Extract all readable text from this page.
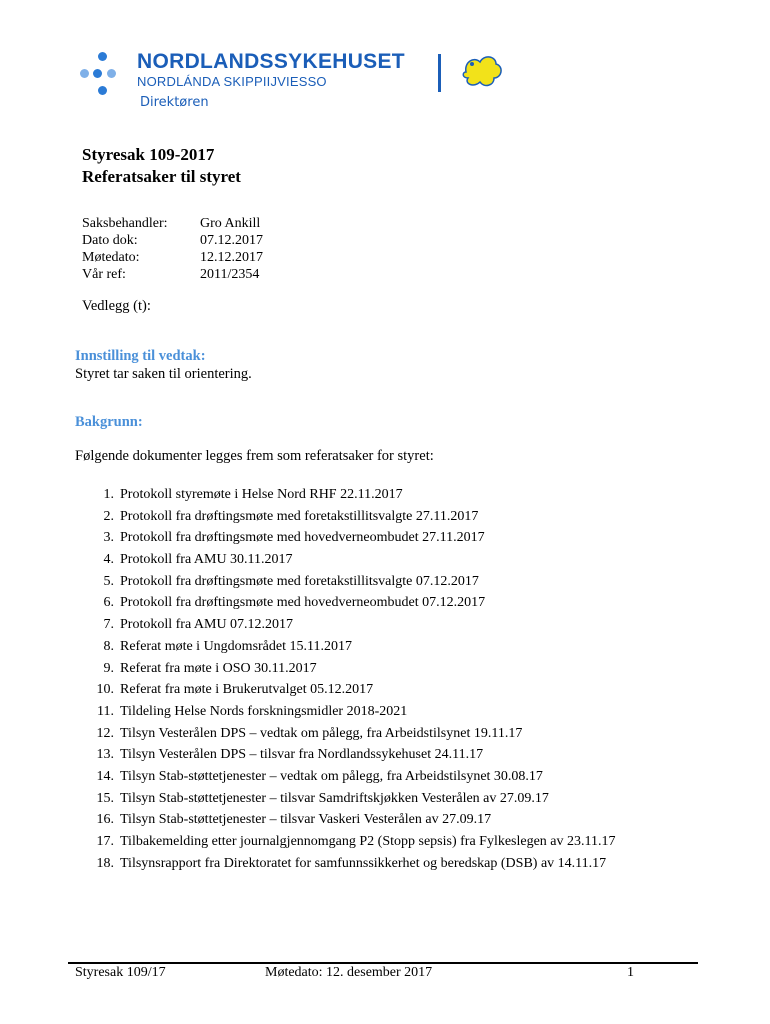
NORDLANDSSYKEHUSET
NORDLÁNDA SKIPPIIJVIESSO
Direktøren
Styresak 109-2017
Referatsaker til styret
Saksbehandler: Gro Ankill
Dato dok:	07.12.2017
Møtedato:	12.12.2017
Vår ref:	2011/2354
Vedlegg (t):
Innstilling til vedtak:
Styret tar saken til orientering.
Bakgrunn:
Følgende dokumenter legges frem som referatsaker for styret:
1. Protokoll styremøte i Helse Nord RHF 22.11.2017
2. Protokoll fra drøftingsmøte med foretakstillitsvalgte 27.11.2017
3. Protokoll fra drøftingsmøte med hovedverneombudet 27.11.2017
4. Protokoll fra AMU 30.11.2017
5. Protokoll fra drøftingsmøte med foretakstillitsvalgte 07.12.2017
6. Protokoll fra drøftingsmøte med hovedverneombudet 07.12.2017
7. Protokoll fra AMU 07.12.2017
8. Referat møte i Ungdomsrådet 15.11.2017
9. Referat fra møte i OSO 30.11.2017
10. Referat fra møte i Brukerutvalget 05.12.2017
11. Tildeling Helse Nords forskningsmidler 2018-2021
12. Tilsyn Vesterålen DPS – vedtak om pålegg, fra Arbeidstilsynet 19.11.17
13. Tilsyn Vesterålen DPS – tilsvar fra Nordlandssykehuset 24.11.17
14. Tilsyn Stab-støttetjenester – vedtak om pålegg, fra Arbeidstilsynet 30.08.17
15. Tilsyn Stab-støttetjenester – tilsvar Samdriftskjøkken Vesterålen av 27.09.17
16. Tilsyn Stab-støttetjenester – tilsvar Vaskeri Vesterålen av 27.09.17
17. Tilbakemelding etter journalgjennomgang P2 (Stopp sepsis) fra Fylkeslegen av 23.11.17
18. Tilsynsrapport fra Direktoratet for samfunnssikkerhet og beredskap (DSB) av 14.11.17
Styresak 109/17	Møtedato: 12. desember 2017	1
